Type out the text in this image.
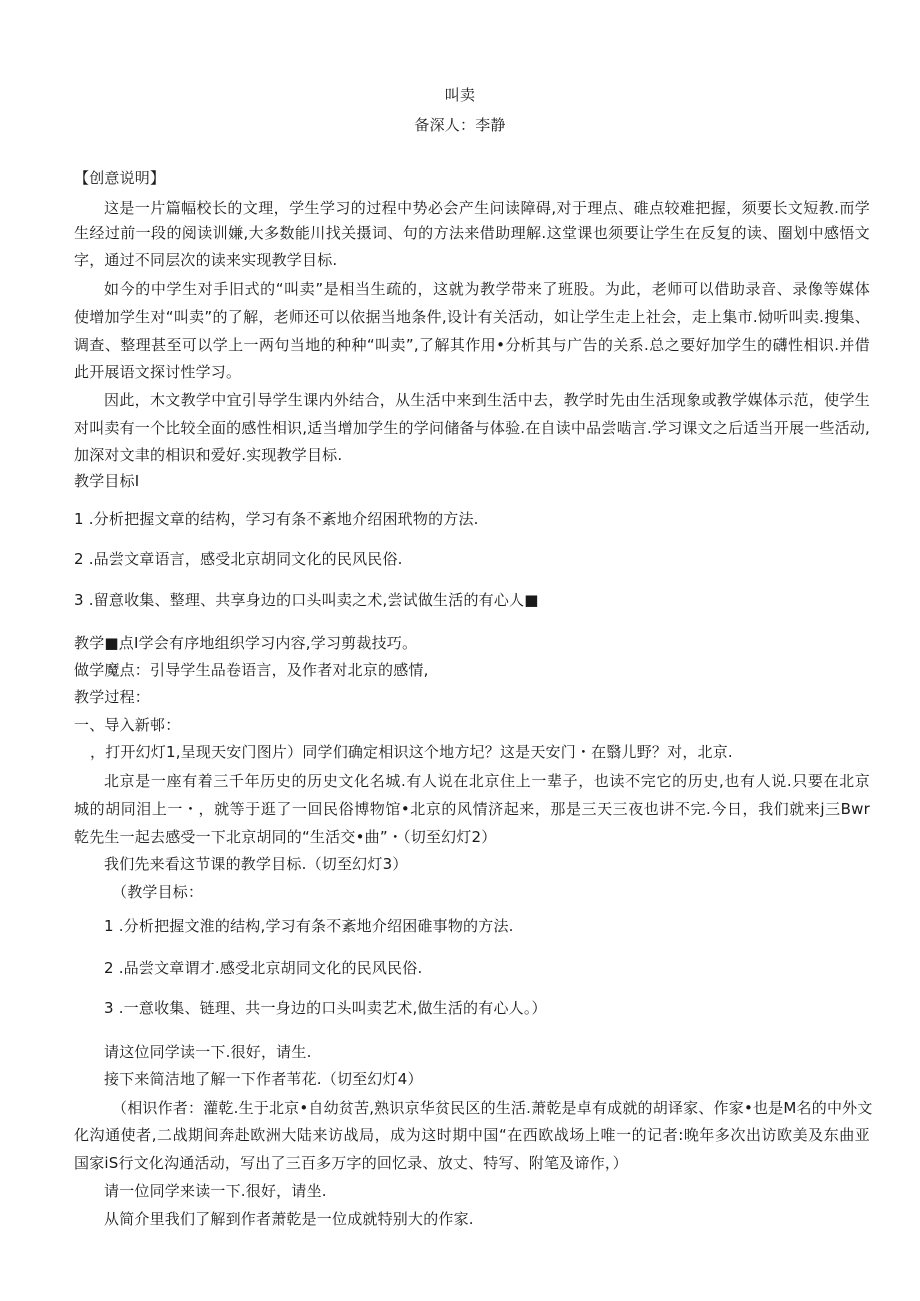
叫卖
备深人：李静
【创意说明】
这是一片篇幅校长的文理，学生学习的过程中势必会产生问读障碍,对于理点、碓点较难把握，须要长文短教.而学
生经过前一段的阅读训嫌,大多数能川找关摄词、句的方法来借助理解.这堂课也须要让学生在反复的读、圈划中感悟文
字，通过不同层次的读来实现教学目标.
如今的中学生对手旧式的“叫卖”是相当生疏的，这就为教学带来了班股。为此，老师可以借助录音、录像等媒体
使增加学生对“叫卖”的了解，老师还可以依据当地条件,设计有关活动，如让学生走上社会，走上集市.恸听叫卖.搜集、
调查、整理甚至可以学上一两句当地的种种“叫卖”,了解其作用•分析其与广告的关系.总之要好加学生的礴性相识.并借
此开展语文探讨性学习。
因此，木文教学中宜引导学生课内外结合，从生活中来到生活中去，教学时先由生活现象或教学媒体示范，使学生
对叫卖有一个比较全面的感性相识,适当增加学生的学问储备与体验.在自读中品尝啮言.学习课文之后适当开展一些活动,
加深对文聿的相识和爱好.实现教学目标.
教学目标I
1 .分析把握文章的结构，学习有条不紊地介绍困玳物的方法.
2 .品尝文章语言，感受北京胡同文化的民风民俗.
3 .留意收集、整理、共享身边的口头叫卖之术,尝试做生活的有心人■
教学■点I学会有序地组织学习内容,学习剪裁技巧。
做学魔点：引导学生品卷语言，及作者对北京的感情,
教学过程：
一、导入新邨：
，打开幻灯1,呈现天安门图片）同学们确定相识这个地方圮？这是天安门・在翳儿野？对，北京.
北京是一座有着三千年历史的历史文化名城.有人说在北京住上一辈子，也读不完它的历史,也有人说.只要在北京
城的胡同泪上一・，就等于逛了一回民俗博物馆•北京的风情济起来，那是三天三夜也讲不完.今日，我们就来j三Bwr
乾先生一起去感受一下北京胡同的“生活交•曲”・（切至幻灯2）
我们先来看这节课的教学目标.（切至幻灯3）
（教学目标：
1 .分析把握文淮的结构,学习有条不紊地介绍困碓事物的方法.
2 .品尝文章谓才.感受北京胡同文化的民风民俗.
3 .一意收集、链理、共一身边的口头叫卖艺术,做生活的有心人。）
请这位同学读一下.很好，请生.
接下来简洁地了解一下作者苇花.（切至幻灯4）
（相识作者：灌乾.生于北京•自幼贫苦,熟识京华贫民区的生活.萧乾是卓有成就的胡译家、作家•也是M名的中外文
化沟通使者,二战期间奔赴欧洲大陆来访战局，成为这时期中国“在西欧战场上唯一的记者:晚年多次出访欧美及东曲亚
国家iS行文化沟通活动，写出了三百多万字的回忆录、放丈、特写、附笔及谛作，）
请一位同学来读一下.很好，请坐.
从简介里我们了解到作者萧乾是一位成就特别大的作家.
